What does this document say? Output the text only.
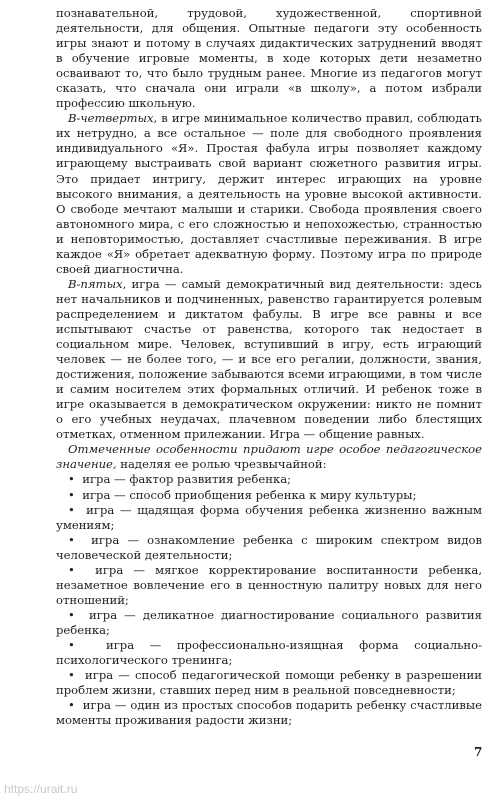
познавательной, трудовой, художественной, спортивной деятельности, для общения. Опытные педагоги эту особенность игры знают и потому в случаях дидактических затруднений вводят в обучение игровые моменты, в ходе которых дети незаметно осваивают то, что было трудным ранее. Многие из педагогов могут сказать, что сначала они играли «в школу», а потом избрали профессию школьную.

В-четвертых, в игре минимальное количество правил, соблюдать их нетрудно, а все остальное — поле для свободного проявления индивидуального «Я». Простая фабула игры позволяет каждому играющему выстраивать свой вариант сюжетного развития игры. Это придает интригу, держит интерес играющих на уровне высокого внимания, а деятельность на уровне высокой активности. О свободе мечтают малыши и старики. Свобода проявления своего автономного мира, с его сложностью и непохожестью, странностью и неповторимостью, доставляет счастливые переживания. В игре каждое «Я» обретает адекватную форму. Поэтому игра по природе своей диагностична.

В-пятых, игра — самый демократичный вид деятельности: здесь нет начальников и подчиненных, равенство гарантируется ролевым распределением и диктатом фабулы. В игре все равны и все испытывают счастье от равенства, которого так недостает в социальном мире. Человек, вступивший в игру, есть играющий человек — не более того, — и все его регалии, должности, звания, достижения, положение забываются всеми играющими, в том числе и самим носителем этих формальных отличий. И ребенок тоже в игре оказывается в демократическом окружении: никто не помнит о его учебных неудачах, плачевном поведении либо блестящих отметках, отменном прилежании. Игра — общение равных.

Отмеченные особенности придают игре особое педагогическое значение, наделяя ее ролью чрезвычайной:

•  игра — фактор развития ребенка;
•  игра — способ приобщения ребенка к миру культуры;
•  игра — щадящая форма обучения ребенка жизненно важным умениям;
•  игра — ознакомление ребенка с широким спектром видов человеческой деятельности;
•  игра — мягкое корректирование воспитанности ребенка, незаметное вовлечение его в ценностную палитру новых для него отношений;
•  игра — деликатное диагностирование социального развития ребенка;
•  игра — профессионально-изящная форма социально-психологического тренинга;
•  игра — способ педагогической помощи ребенку в разрешении проблем жизни, ставших перед ним в реальной повседневности;
•  игра — один из простых способов подарить ребенку счастливые моменты проживания радости жизни;
7
https://urait.ru
